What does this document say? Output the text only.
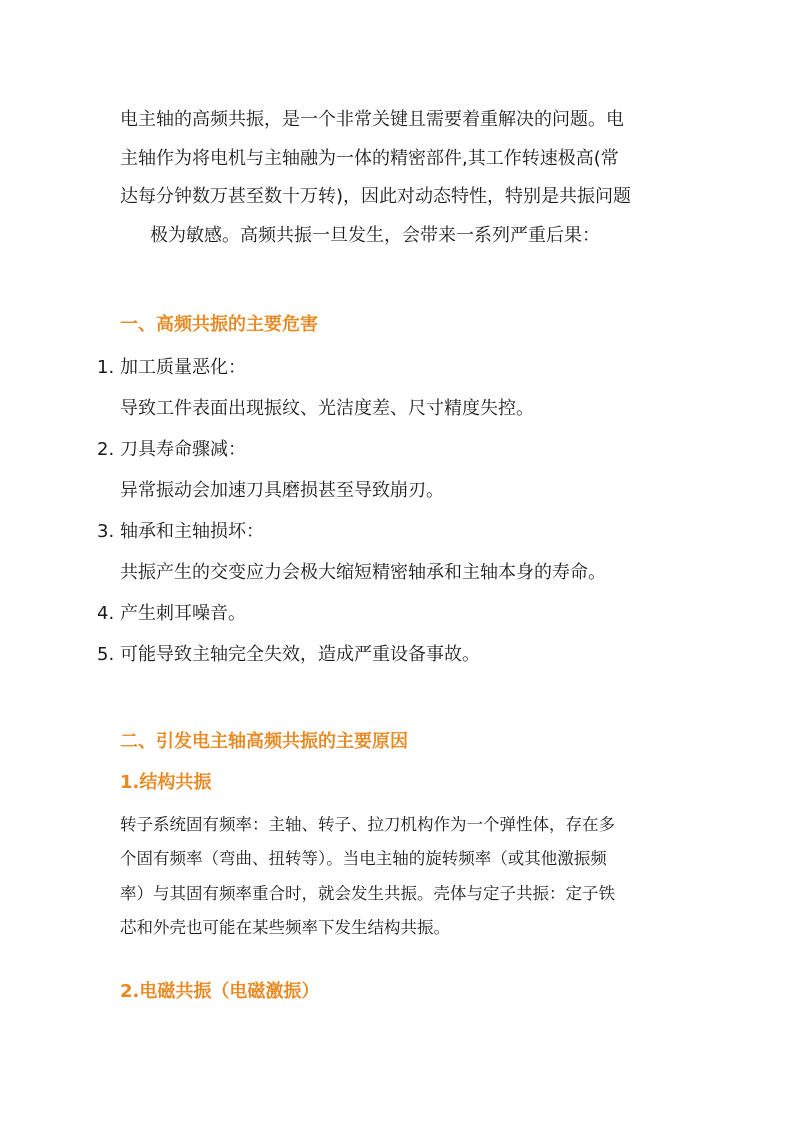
电主轴的高频共振，是一个非常关键且需要着重解决的问题。电
主轴作为将电机与主轴融为一体的精密部件,其工作转速极高(常
达每分钟数万甚至数十万转)，因此对动态特性，特别是共振问题
极为敏感。高频共振一旦发生，会带来一系列严重后果：

一、高频共振的主要危害
1. 加工质量恶化：
导致工件表面出现振纹、光洁度差、尺寸精度失控。
2. 刀具寿命骤减：
异常振动会加速刀具磨损甚至导致崩刃。
3. 轴承和主轴损坏：
共振产生的交变应力会极大缩短精密轴承和主轴本身的寿命。
4. 产生刺耳噪音。
5. 可能导致主轴完全失效，造成严重设备事故。
二、引发电主轴高频共振的主要原因
1.结构共振

转子系统固有频率：主轴、转子、拉刀机构作为一个弹性体，存在多
个固有频率（弯曲、扭转等）。当电主轴的旋转频率（或其他激振频
率）与其固有频率重合时，就会发生共振。壳体与定子共振：定子铁
芯和外壳也可能在某些频率下发生结构共振。

2.电磁共振（电磁激振）
